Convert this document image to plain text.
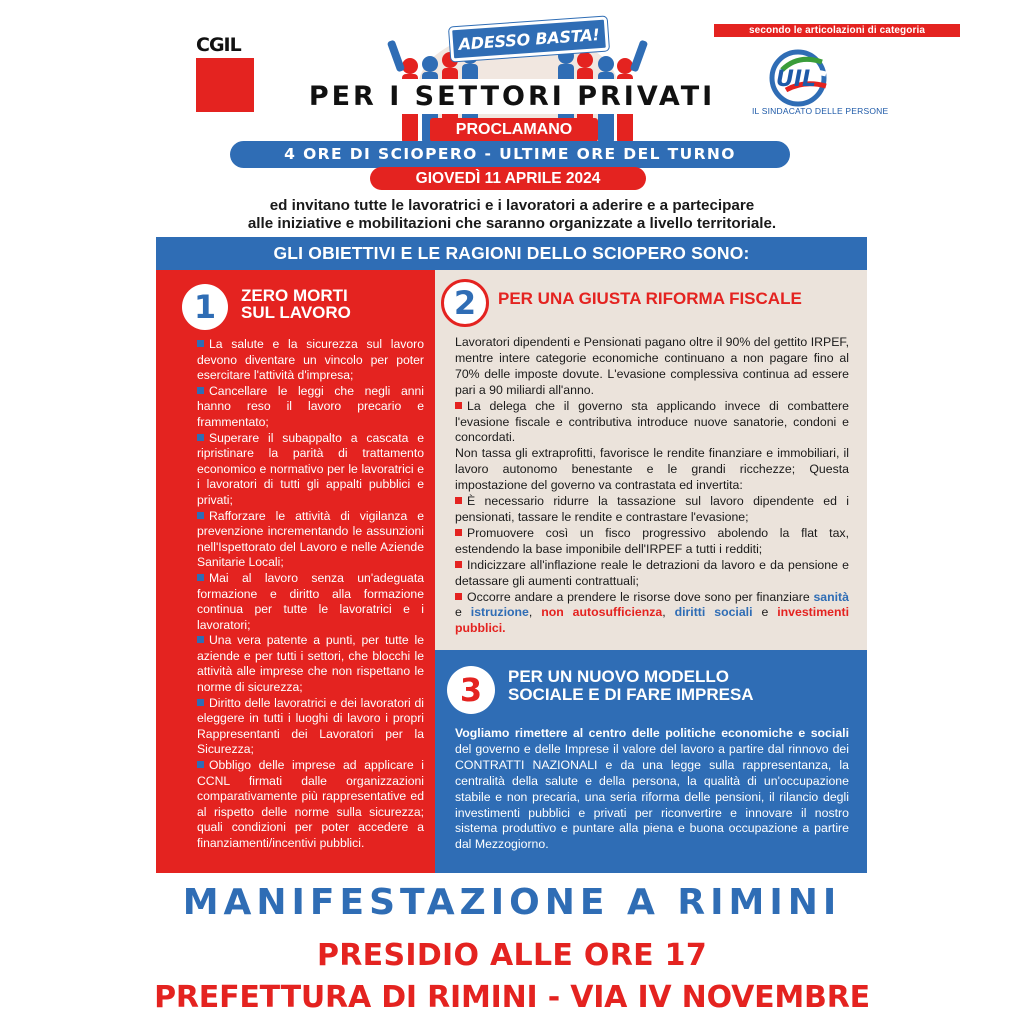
CGIL	ADESSO BASTA!
PER I SETTORI PRIVATI
PROCLAMANO
4 ORE DI SCIOPERO - ULTIME ORE DEL TURNO
GIOVEDÌ 11 APRILE 2024
secondo le articolazioni di categoria
UIL
IL SINDACATO DELLE PERSONE
ed invitano tutte le lavoratrici e i lavoratori a aderire e a partecipare
alle iniziative e mobilitazioni che saranno organizzate a livello territoriale.
GLI OBIETTIVI E LE RAGIONI DELLO SCIOPERO SONO:
1	ZERO MORTI
SUL LAVORO
La salute e la sicurezza sul lavoro devono diventare un vincolo per poter esercitare l'attività d'impresa;
Cancellare le leggi che negli anni hanno reso il lavoro precario e frammentato;
Superare il subappalto a cascata e ripristinare la parità di trattamento economico e normativo per le lavoratrici e i lavoratori di tutti gli appalti pubblici e privati;
Rafforzare le attività di vigilanza e prevenzione incrementando le assunzioni nell'Ispettorato del Lavoro e nelle Aziende Sanitarie Locali;
Mai al lavoro senza un'adeguata formazione e diritto alla formazione continua per tutte le lavoratrici e i lavoratori;
Una vera patente a punti, per tutte le aziende e per tutti i settori, che blocchi le attività alle imprese che non rispettano le norme di sicurezza;
Diritto delle lavoratrici e dei lavoratori di eleggere in tutti i luoghi di lavoro i propri Rappresentanti dei Lavoratori per la Sicurezza;
Obbligo delle imprese ad applicare i CCNL firmati dalle organizzazioni comparativamente più rappresentative ed al rispetto delle norme sulla sicurezza; quali condizioni per poter accedere a finanziamenti/incentivi pubblici.
2	PER UNA GIUSTA RIFORMA FISCALE

Lavoratori dipendenti e Pensionati pagano oltre il 90% del gettito IRPEF, mentre intere categorie economiche continuano a non pagare fino al 70% delle imposte dovute. L'evasione complessiva continua ad essere pari a 90 miliardi all'anno.

La delega che il governo sta applicando invece di combattere l'evasione fiscale e contributiva introduce nuove sanatorie, condoni e concordati.

Non tassa gli extraprofitti, favorisce le rendite finanziare e immobiliari, il lavoro autonomo benestante e le grandi ricchezze; Questa impostazione del governo va contrastata ed invertita:

È necessario ridurre la tassazione sul lavoro dipendente ed i pensionati, tassare le rendite e contrastare l'evasione;

Promuovere così un fisco progressivo abolendo la flat tax, estendendo la base imponibile dell'IRPEF a tutti i redditi;

Indicizzare all'inflazione reale le detrazioni da lavoro e da pensione e detassare gli aumenti contrattuali;

Occorre andare a prendere le risorse dove sono per finanziare sanità e istruzione, non autosufficienza, diritti sociali e investimenti pubblici.

3	PER UN NUOVO MODELLO
SOCIALE E DI FARE IMPRESA
Vogliamo rimettere al centro delle politiche economiche e sociali del governo e delle Imprese il valore del lavoro a partire dal rinnovo dei CONTRATTI NAZIONALI e da una legge sulla rappresentanza, la centralità della salute e della persona, la qualità di un'occupazione stabile e non precaria, una seria riforma delle pensioni, il rilancio degli investimenti pubblici e privati per riconvertire e innovare il nostro sistema produttivo e puntare alla piena e buona occupazione a partire dal Mezzogiorno.
MANIFESTAZIONE A RIMINI
PRESIDIO ALLE ORE 17
PREFETTURA DI RIMINI - VIA IV NOVEMBRE
